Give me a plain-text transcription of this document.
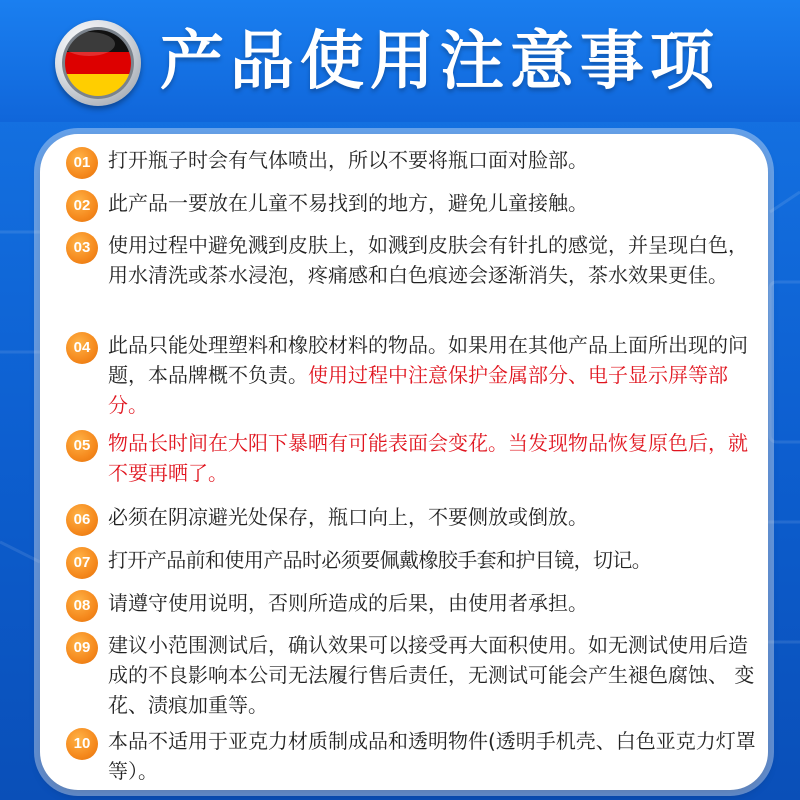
产品使用注意事项
01 打开瓶子时会有气体喷出，所以不要将瓶口面对脸部。
02 此产品一要放在儿童不易找到的地方，避免儿童接触。
03 使用过程中避免溅到皮肤上，如溅到皮肤会有针扎的感觉，并呈现白色，用水清洗或茶水浸泡，疼痛感和白色痕迹会逐渐消失，茶水效果更佳。
04 此品只能处理塑料和橡胶材料的物品。如果用在其他产品上面所出现的问题，本品牌概不负责。使用过程中注意保护金属部分、电子显示屏等部分。
05 物品长时间在大阳下暴晒有可能表面会变花。当发现物品恢复原色后，就不要再晒了。
06 必须在阴凉避光处保存，瓶口向上，不要侧放或倒放。
07 打开产品前和使用产品时必须要佩戴橡胶手套和护目镜，切记。
08 请遵守使用说明，否则所造成的后果，由使用者承担。
09 建议小范围测试后，确认效果可以接受再大面积使用。如无测试使用后造成的不良影响本公司无法履行售后责任，无测试可能会产生褪色腐蚀、 变花、渍痕加重等。
10 本品不适用于亚克力材质制成品和透明物件(透明手机壳、白色亚克力灯罩等）。
